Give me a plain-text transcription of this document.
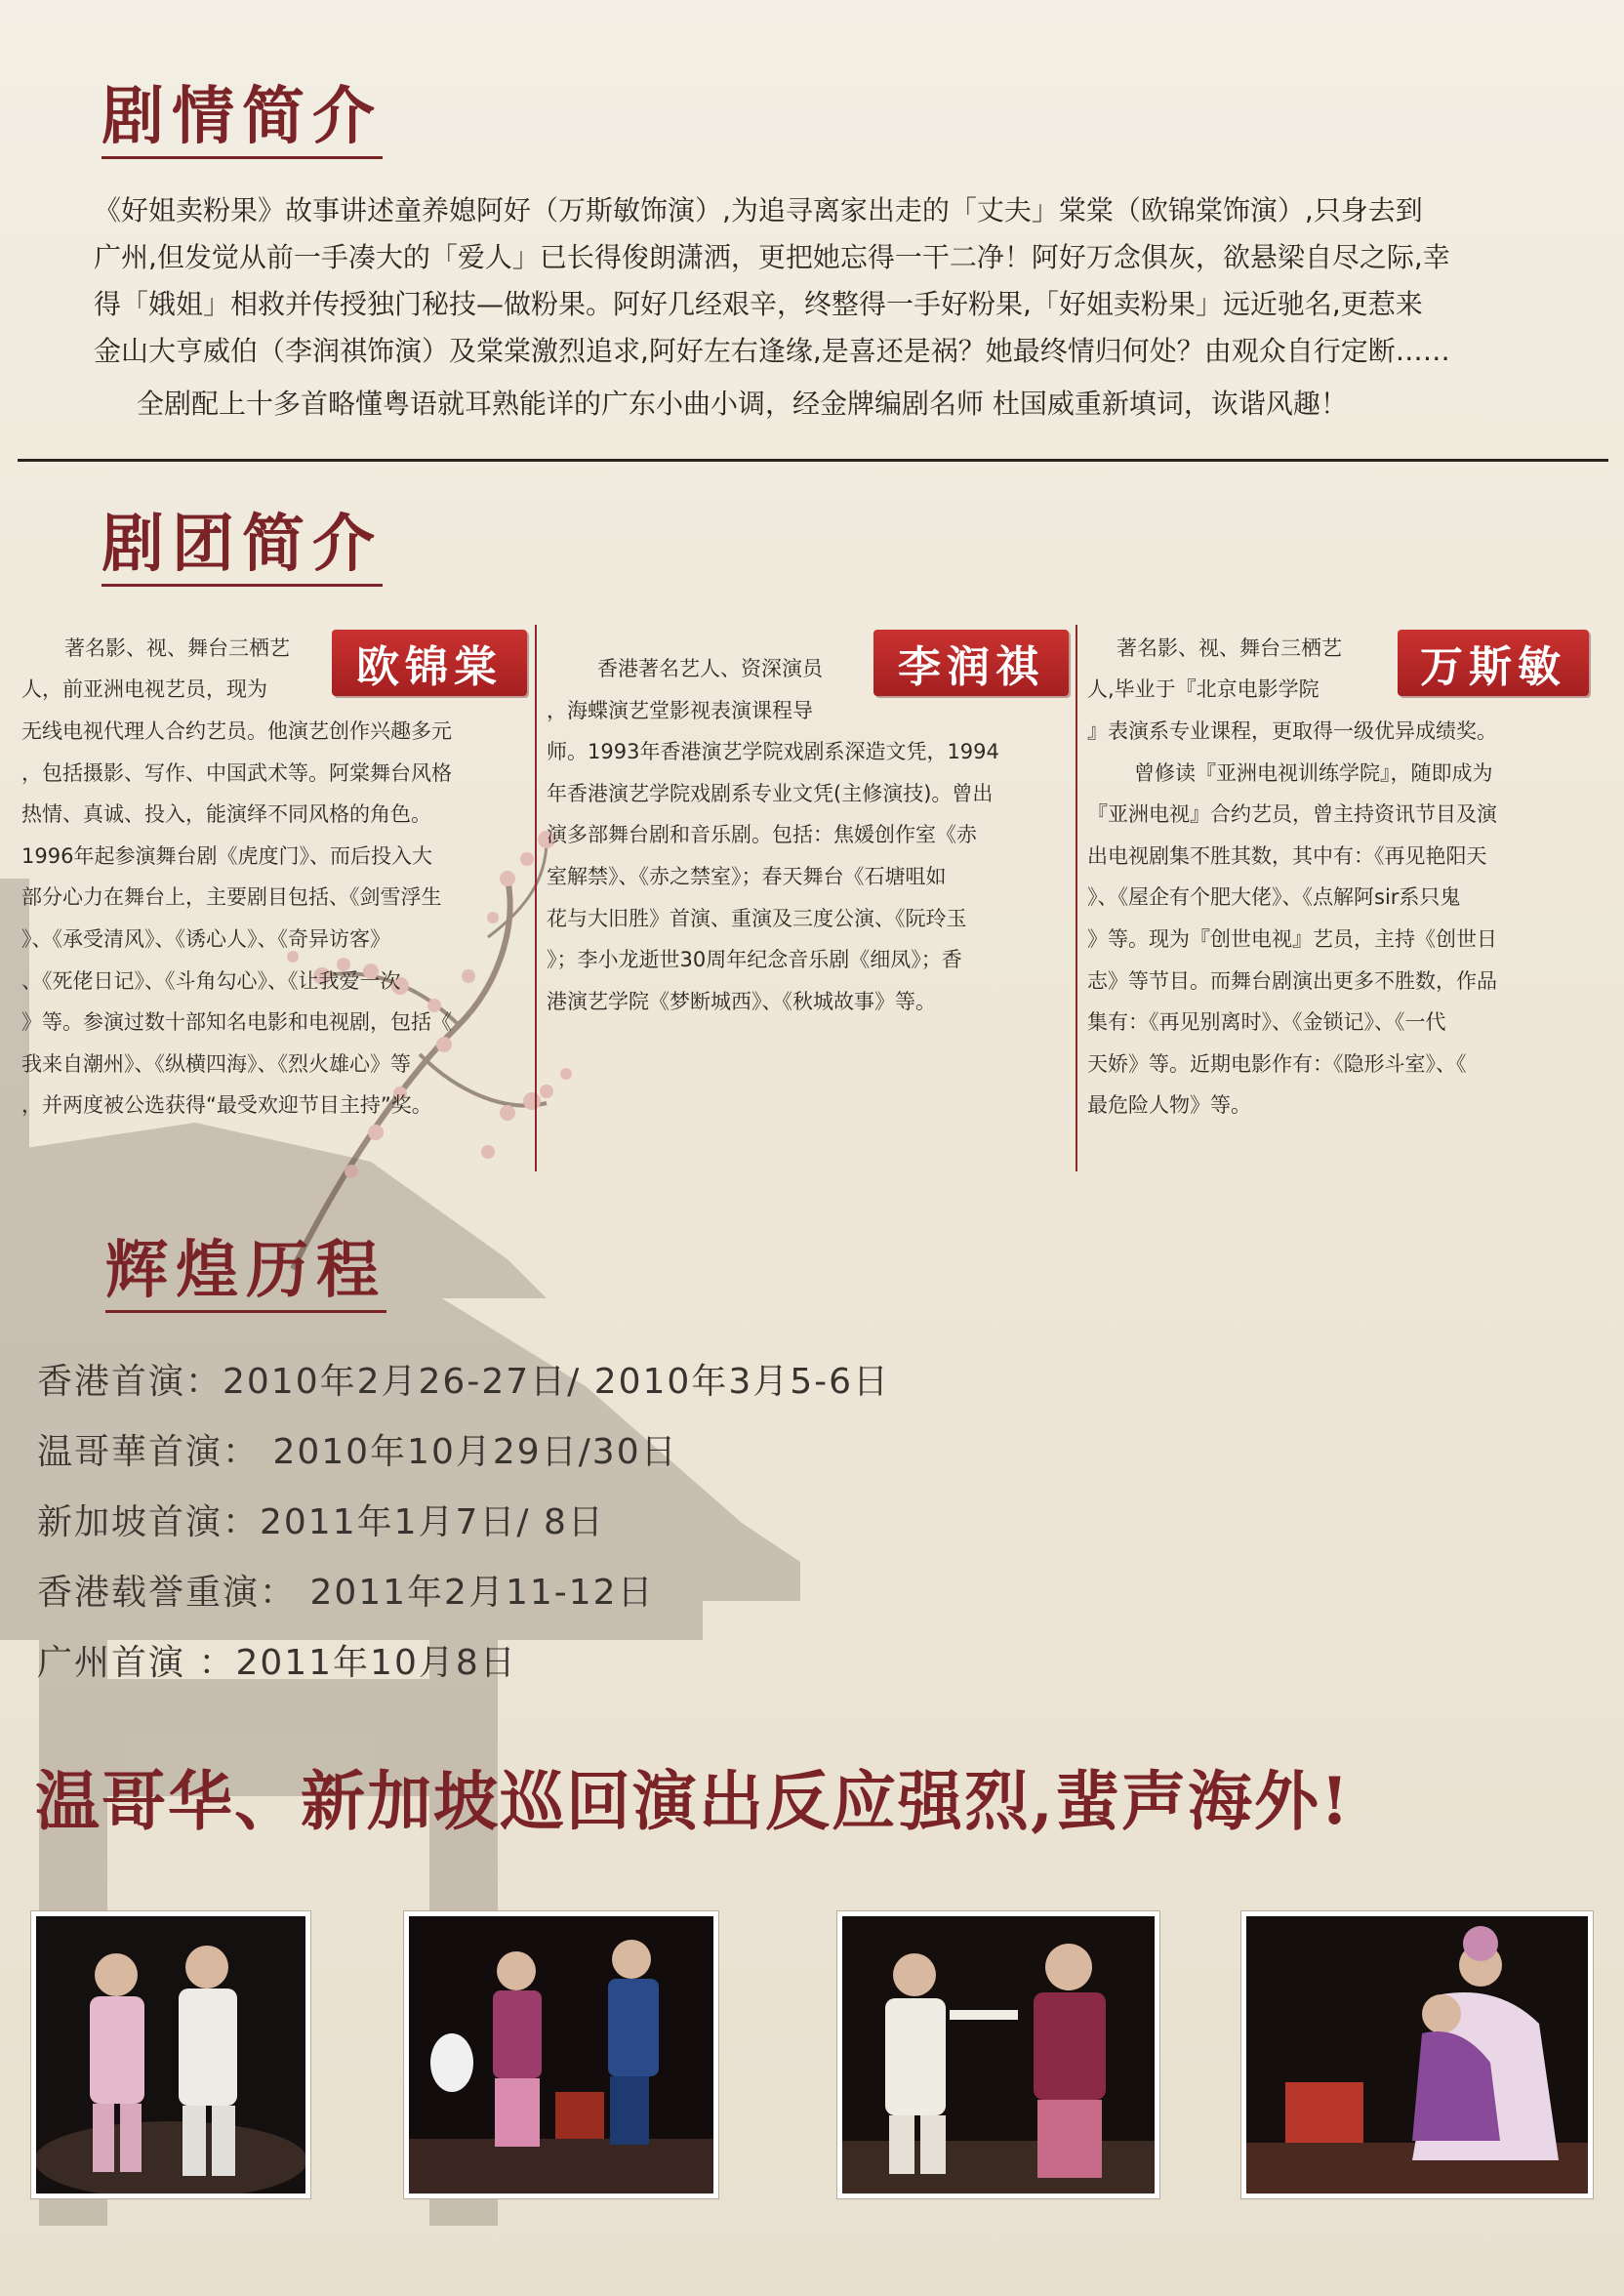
剧情简介

《好姐卖粉果》故事讲述童养媳阿好（万斯敏饰演）,为追寻离家出走的「丈夫」棠棠（欧锦棠饰演）,只身去到

广州,但发觉从前一手凑大的「爱人」已长得俊朗潇洒，更把她忘得一干二净！阿好万念俱灰，欲悬梁自尽之际,幸

得「娥姐」相救并传授独门秘技—做粉果。阿好几经艰辛，终整得一手好粉果,「好姐卖粉果」远近驰名,更惹来

金山大亨威伯（李润祺饰演）及棠棠激烈追求,阿好左右逢缘,是喜还是祸？她最终情归何处？由观众自行定断……

全剧配上十多首略懂粤语就耳熟能详的广东小曲小调，经金牌编剧名师 杜国威重新填词，诙谐风趣！

剧团简介
欧锦棠

著名影、视、舞台三栖艺

人，前亚洲电视艺员，现为

无线电视代理人合约艺员。他演艺创作兴趣多元

，包括摄影、写作、中国武术等。阿棠舞台风格

热情、真诚、投入，能演绎不同风格的角色。

1996年起参演舞台剧《虎度门》、而后投入大

部分心力在舞台上，主要剧目包括、《剑雪浮生

》、《承受清风》、《诱心人》、《奇异访客》

、《死佬日记》、《斗角勾心》、《让我爱一次

》等。参演过数十部知名电影和电视剧，包括《

我来自潮州》、《纵横四海》、《烈火雄心》等

，并两度被公选获得“最受欢迎节目主持”奖。

李润祺

香港著名艺人、资深演员

，海蝶演艺堂影视表演课程导

师。1993年香港演艺学院戏剧系深造文凭，1994

年香港演艺学院戏剧系专业文凭(主修演技)。曾出

演多部舞台剧和音乐剧。包括：焦媛创作室《赤

室解禁》、《赤之禁室》；春天舞台《石塘咀如

花与大旧胜》首演、重演及三度公演、《阮玲玉

》；李小龙逝世30周年纪念音乐剧《细凤》；香

港演艺学院《梦断城西》、《秋城故事》等。

万斯敏

著名影、视、舞台三栖艺

人,毕业于『北京电影学院

』表演系专业课程，更取得一级优异成绩奖。

曾修读『亚洲电视训练学院』，随即成为

『亚洲电视』合约艺员，曾主持资讯节目及演

出电视剧集不胜其数，其中有：《再见艳阳天

》、《屋企有个肥大佬》、《点解阿sir系只鬼

》等。现为『创世电视』艺员，主持《创世日

志》等节目。而舞台剧演出更多不胜数，作品

集有：《再见别离时》、《金锁记》、《一代

天娇》等。近期电影作有：《隐形斗室》、《

最危险人物》等。

辉煌历程
香港首演：2010年2月26-27日/ 2010年3月5-6日
温哥華首演： 2010年10月29日/30日
新加坡首演：2011年1月7日/ 8日
香港载誉重演： 2011年2月11-12日
广州首演 ：2011年10月8日

温哥华、新加坡巡回演出反应强烈,蜚声海外!
